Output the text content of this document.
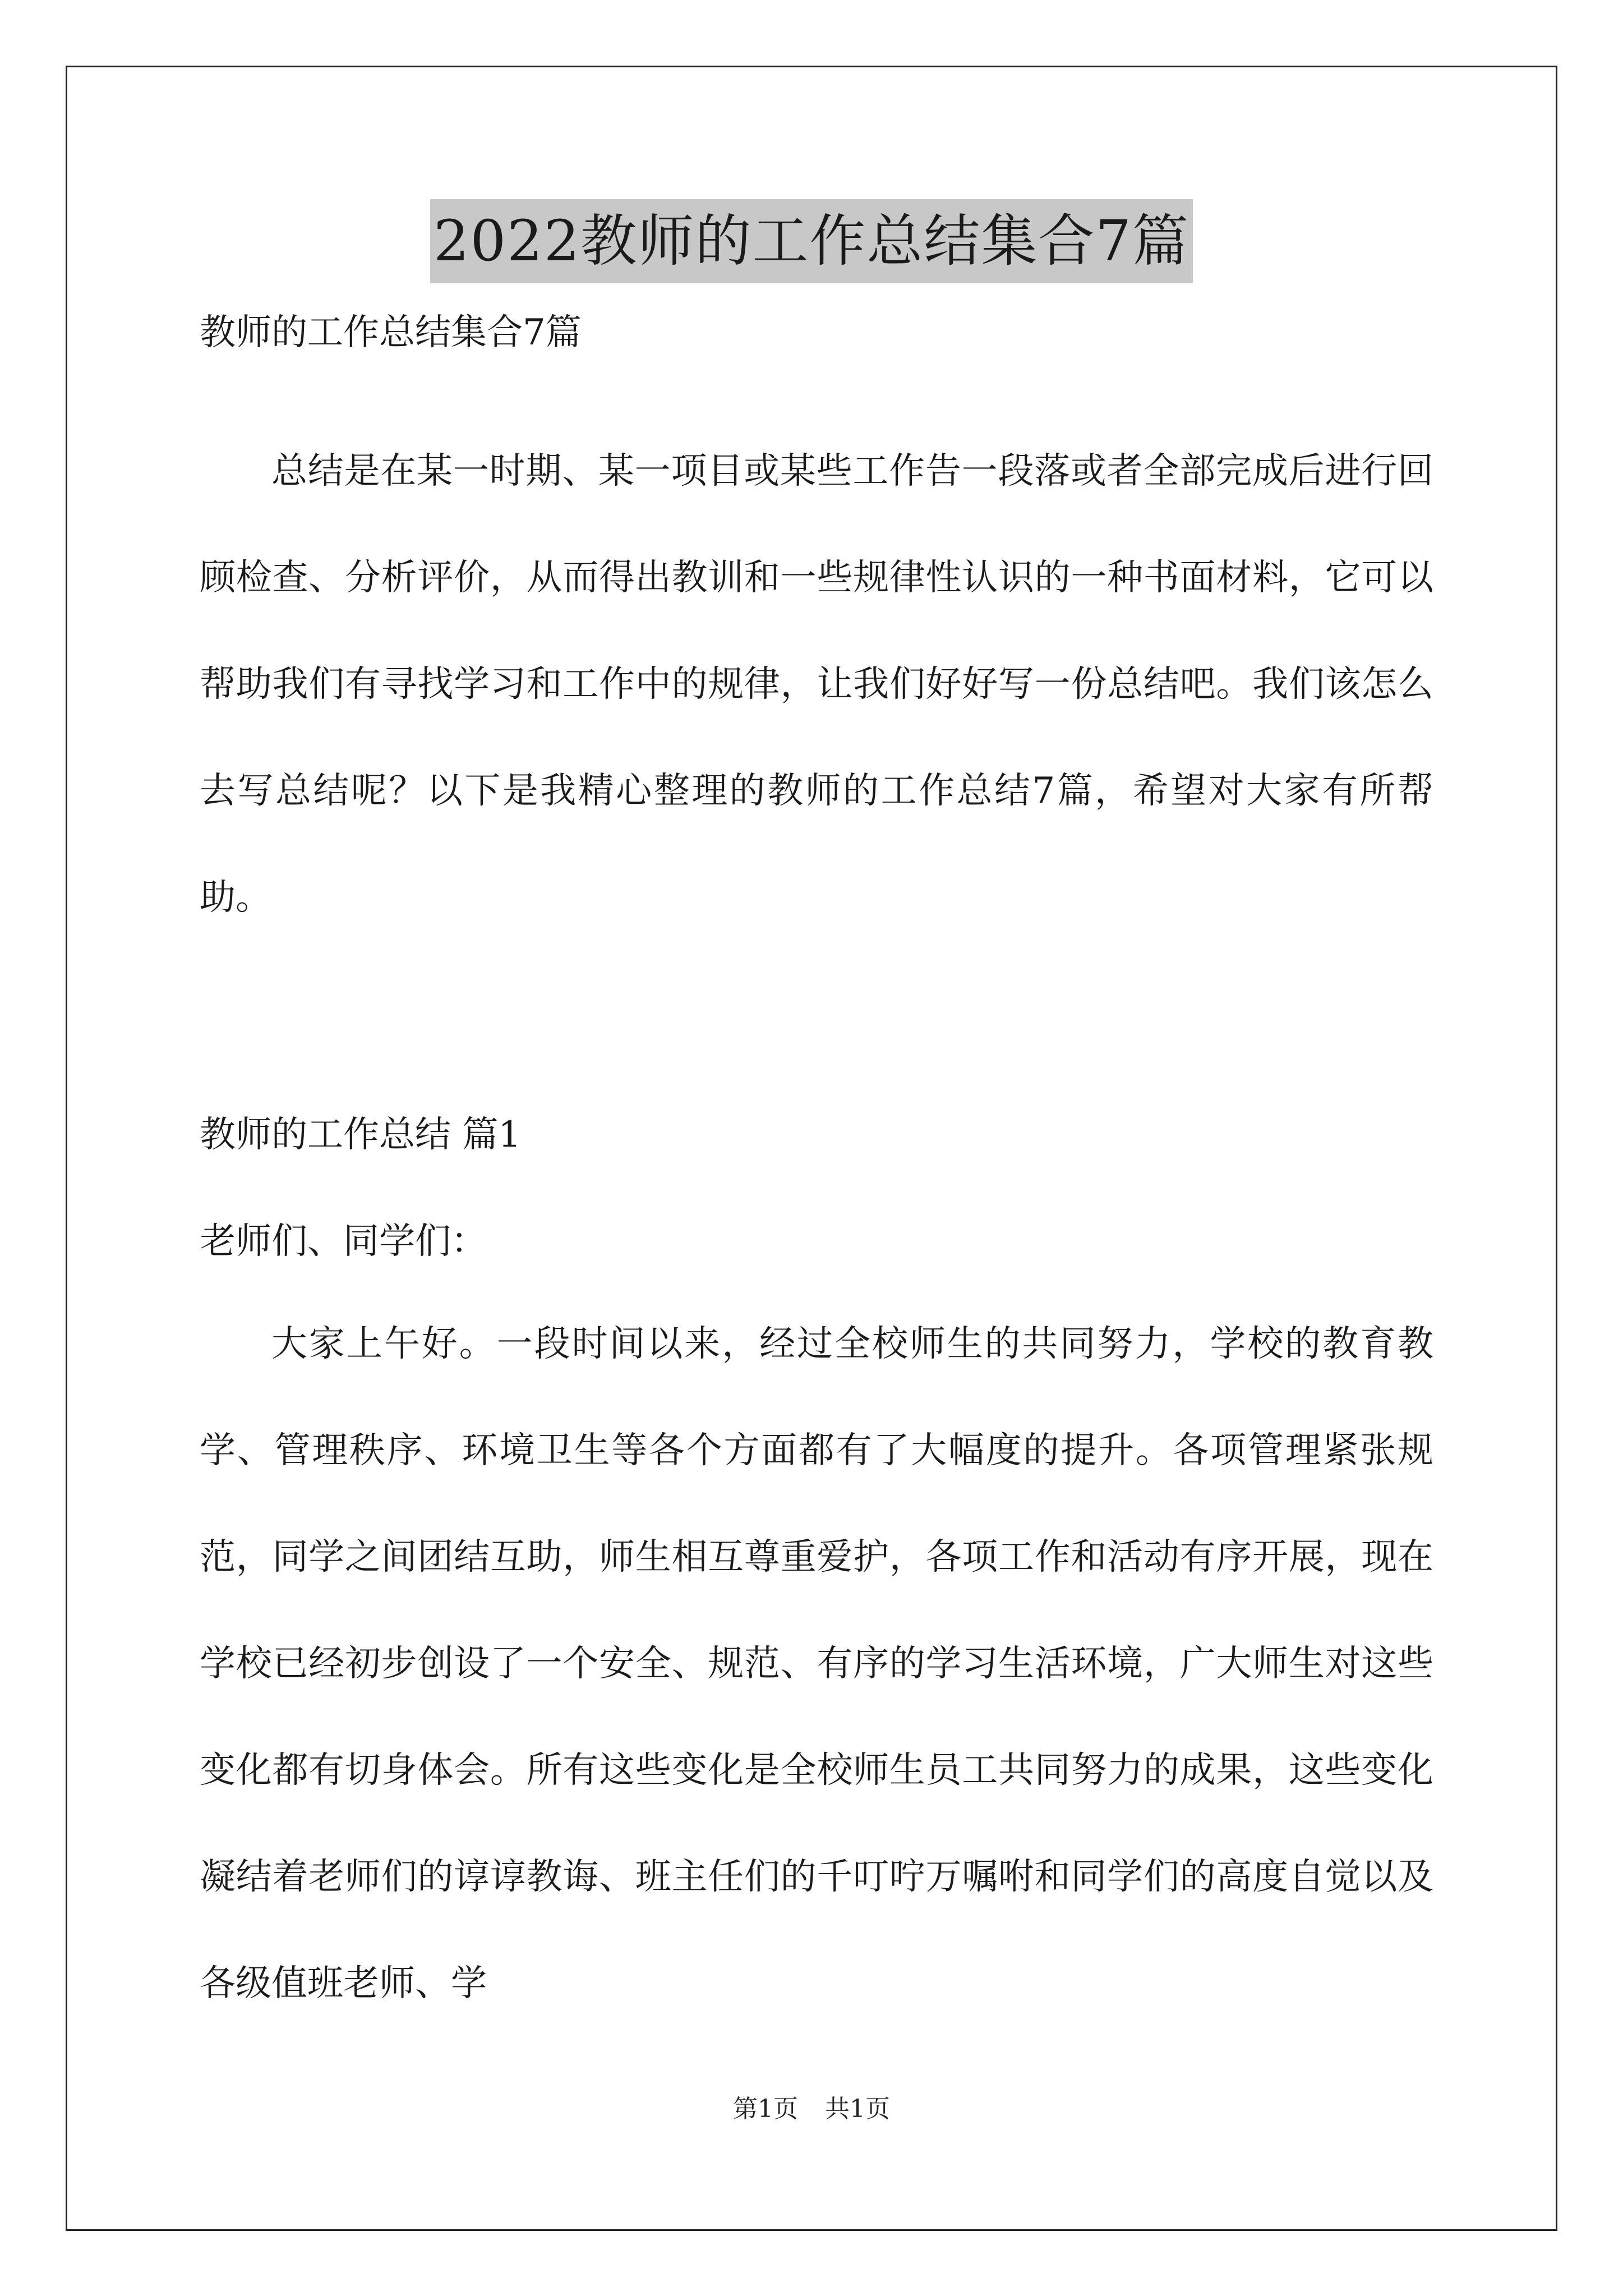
2022教师的工作总结集合7篇

教师的工作总结集合7篇

总结是在某一时期、某一项目或某些工作告一段落或者全部完成后进行回顾检查、分析评价，从而得出教训和一些规律性认识的一种书面材料，它可以帮助我们有寻找学习和工作中的规律，让我们好好写一份总结吧。我们该怎么去写总结呢？以下是我精心整理的教师的工作总结7篇，希望对大家有所帮助。

教师的工作总结 篇1

老师们、同学们：

大家上午好。一段时间以来，经过全校师生的共同努力，学校的教育教学、管理秩序、环境卫生等各个方面都有了大幅度的提升。各项管理紧张规范，同学之间团结互助，师生相互尊重爱护，各项工作和活动有序开展，现在学校已经初步创设了一个安全、规范、有序的学习生活环境，广大师生对这些变化都有切身体会。所有这些变化是全校师生员工共同努力的成果，这些变化凝结着老师们的谆谆教诲、班主任们的千叮咛万嘱咐和同学们的高度自觉以及各级值班老师、学

第1页 共1页
